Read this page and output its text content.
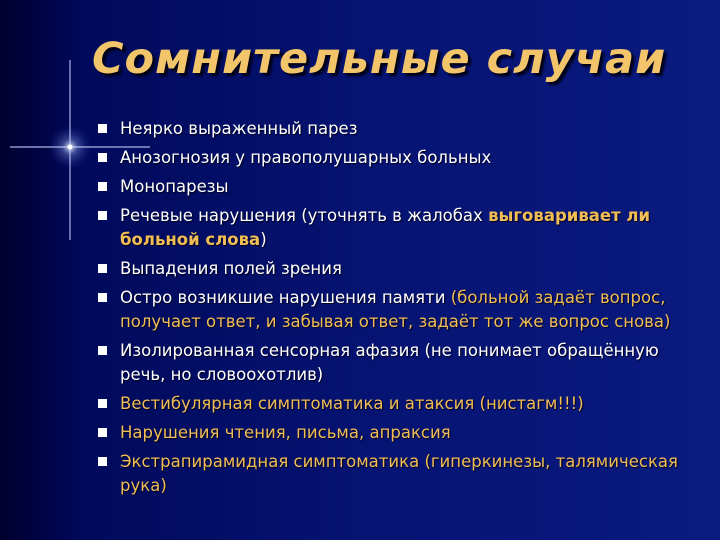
Сомнительные случаи
Неярко выраженный парез
Анозогнозия у правополушарных больных
Монопарезы
Речевые нарушения (уточнять в жалобах выговаривает ли больной слова)
Выпадения полей зрения
Остро возникшие нарушения памяти (больной задаёт вопрос, получает ответ, и забывая ответ, задаёт тот же вопрос снова)
Изолированная сенсорная афазия (не понимает обращённую речь, но словоохотлив)
Вестибулярная симптоматика и атаксия (нистагм!!!)
Нарушения чтения, письма, апраксия
Экстрапирамидная симптоматика (гиперкинезы, талямическая рука)
